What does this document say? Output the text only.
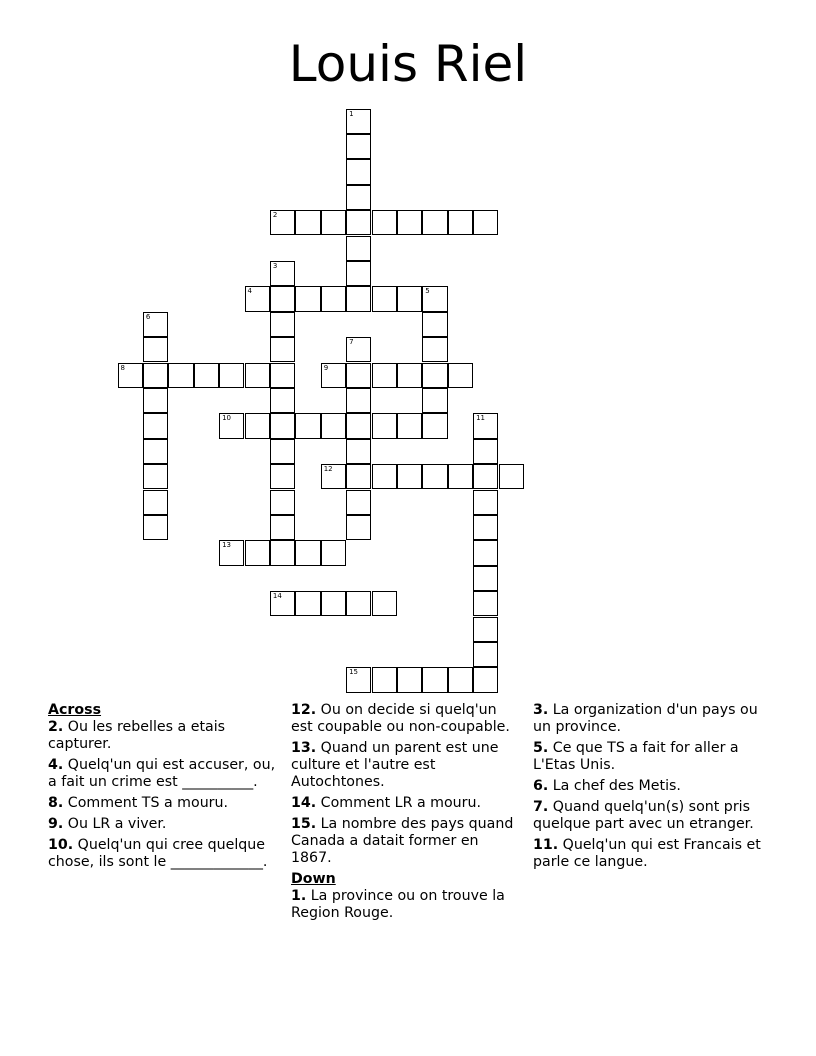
Louis Riel
1
2
3
4	5
6
7
8	9
10	11
12
13
14
15

Across

2. Ou les rebelles a etais capturer.

4. Quelq'un qui est accuser, ou, a fait un crime est __________.

8. Comment TS a mouru.

9. Ou LR a viver.

10. Quelq'un qui cree quelque chose, ils sont le _____________.

12. Ou on decide si quelq'un est coupable ou non-coupable.

13. Quand un parent est une culture et l'autre est Autochtones.

14. Comment LR a mouru.

15. La nombre des pays quand Canada a datait former en 1867.

Down

1. La province ou on trouve la Region Rouge.

3. La organization d'un pays ou un province.

5. Ce que TS a fait for aller a L'Etas Unis.

6. La chef des Metis.

7. Quand quelq'un(s) sont pris quelque part avec un etranger.

11. Quelq'un qui est Francais et parle ce langue.
